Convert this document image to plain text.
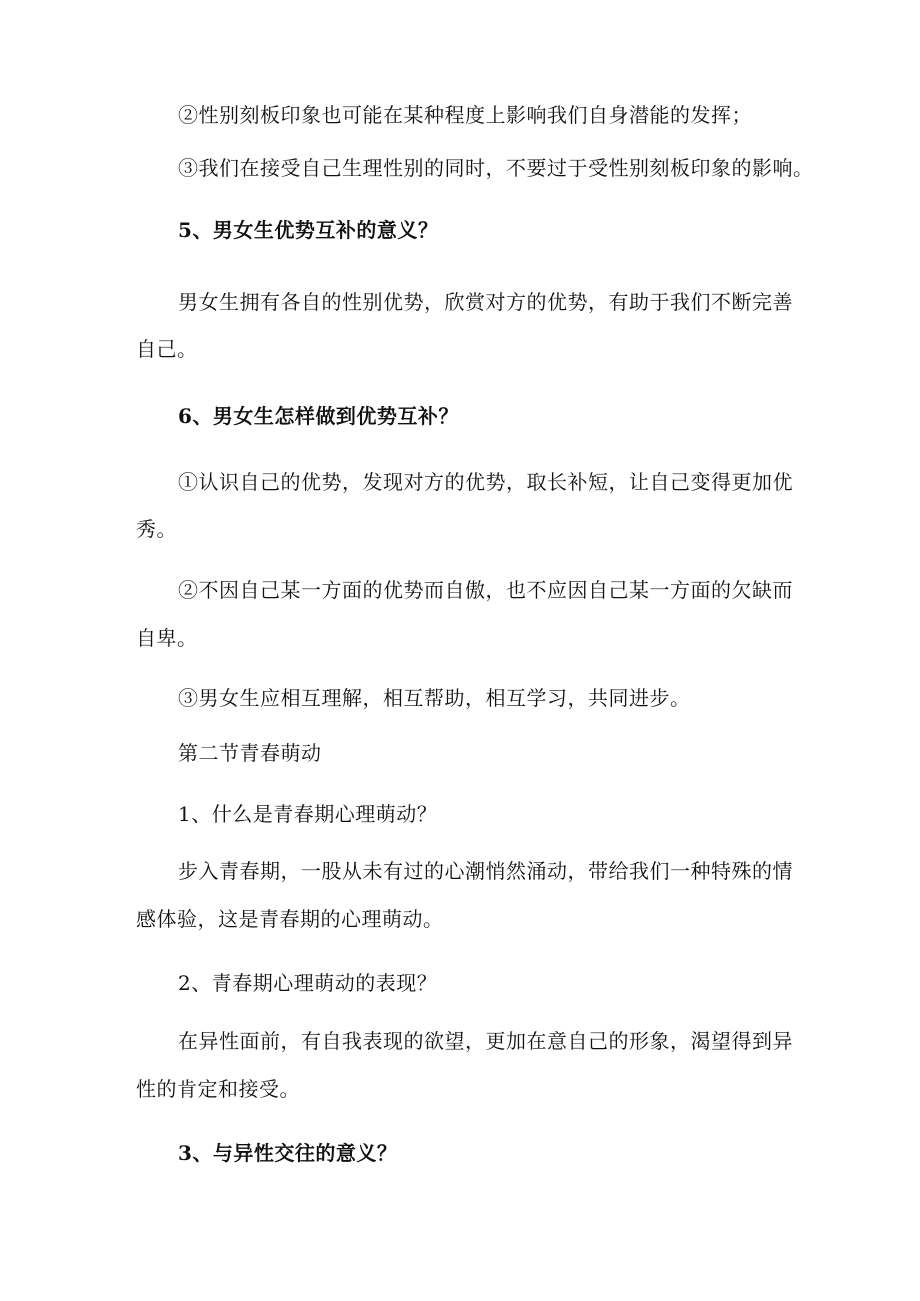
②性别刻板印象也可能在某种程度上影响我们自身潜能的发挥；
③我们在接受自己生理性别的同时，不要过于受性别刻板印象的影响。
5、男女生优势互补的意义？
男女生拥有各自的性别优势，欣赏对方的优势，有助于我们不断完善
自己。
6、男女生怎样做到优势互补？
①认识自己的优势，发现对方的优势，取长补短，让自己变得更加优
秀。
②不因自己某一方面的优势而自傲，也不应因自己某一方面的欠缺而
自卑。
③男女生应相互理解，相互帮助，相互学习，共同进步。
第二节青春萌动
1、什么是青春期心理萌动？
步入青春期，一股从未有过的心潮悄然涌动，带给我们一种特殊的情
感体验，这是青春期的心理萌动。
2、青春期心理萌动的表现？
在异性面前，有自我表现的欲望，更加在意自己的形象，渴望得到异
性的肯定和接受。
3、与异性交往的意义？
